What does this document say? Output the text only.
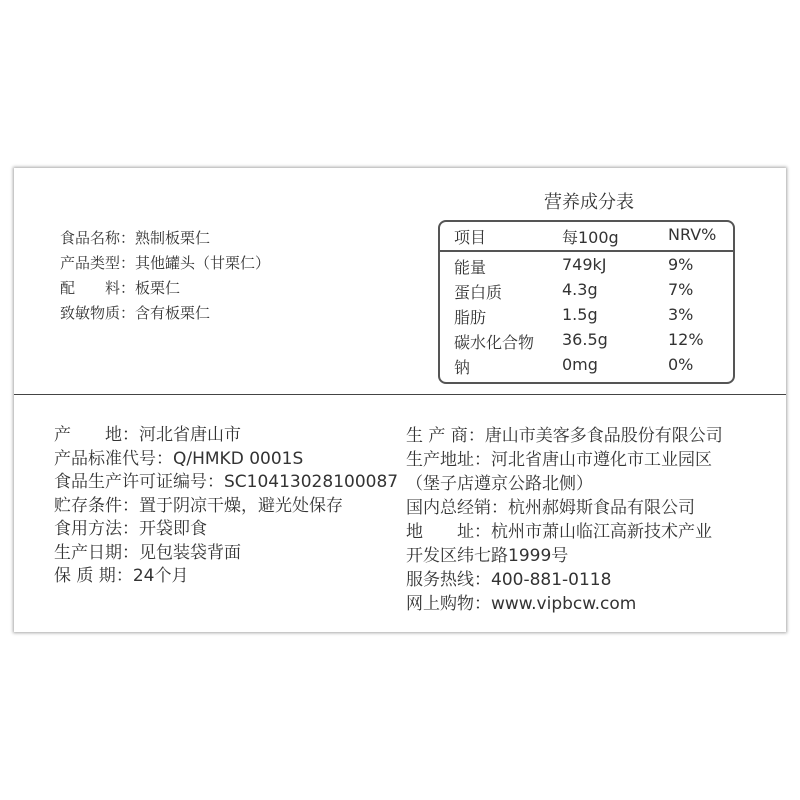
食品名称：熟制板栗仁
产品类型：其他罐头（甘栗仁）
配　　料：板栗仁
致敏物质：含有板栗仁
营养成分表
项目	每100g	NRV%
能量	749kJ	9%
蛋白质	4.3g	7%
脂肪	1.5g	3%
碳水化合物 36.5g	12%
钠	0mg	0%
产　　地：河北省唐山市
产品标准代号：Q/HMKD 0001S
食品生产许可证编号：SC10413028100087
贮存条件：置于阴凉干燥，避光处保存
食用方法：开袋即食
生产日期：见包装袋背面
保 质 期：24个月
生 产 商：唐山市美客多食品股份有限公司
生产地址：河北省唐山市遵化市工业园区
（堡子店遵京公路北侧）
国内总经销：杭州郝姆斯食品有限公司
地　　址：杭州市萧山临江高新技术产业
开发区纬七路1999号
服务热线：400-881-0118
网上购物：www.vipbcw.com
